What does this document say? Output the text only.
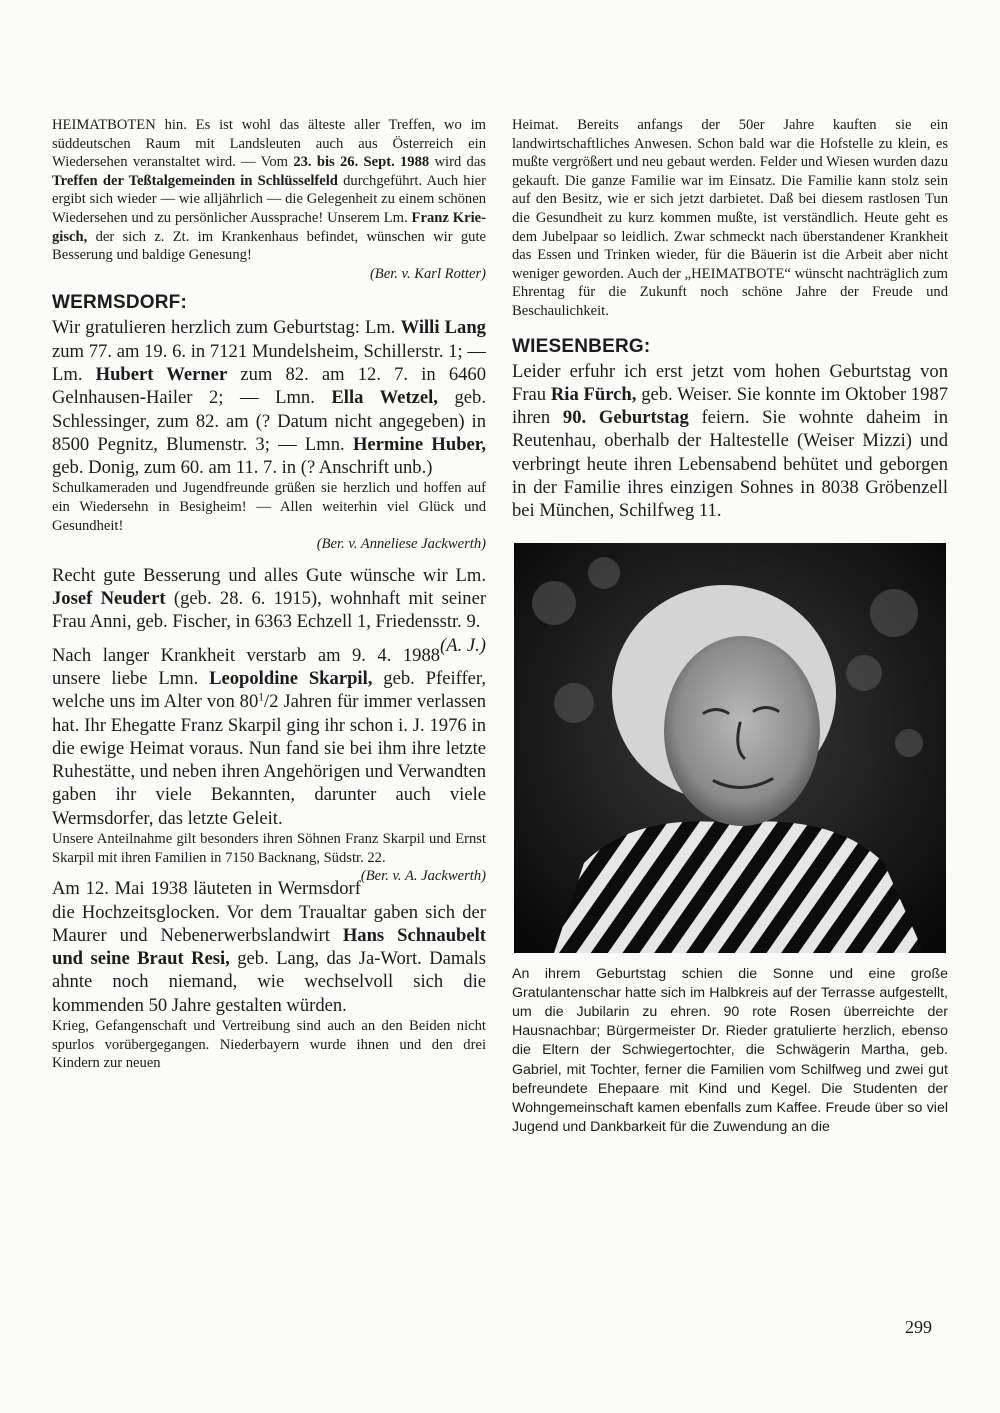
HEIMATBOTEN hin. Es ist wohl das älteste aller Treffen, wo im süddeutschen Raum mit Landsleuten auch aus Österreich ein Wiedersehen veranstaltet wird. — Vom 23. bis 26. Sept. 1988 wird das Treffen der Teßtalgemeinden in Schlüsselfeld durchgeführt. Auch hier ergibt sich wieder — wie alljährlich — die Gelegenheit zu einem schönen Wiedersehen und zu persönlicher Aussprache! Unserem Lm. Franz Kriegisch, der sich z. Zt. im Krankenhaus befindet, wünschen wir gute Besserung und baldige Genesung!

(Ber. v. Karl Rotter)
WERMSDORF:

Wir gratulieren herzlich zum Geburtstag: Lm. Willi Lang zum 77. am 19. 6. in 7121 Mundelsheim, Schillerstr. 1; — Lm. Hubert Werner zum 82. am 12. 7. in 6460 Gelnhausen-Hailer 2; — Lmn. Ella Wetzel, geb. Schlessinger, zum 82. am (? Datum nicht angegeben) in 8500 Pegnitz, Blumenstr. 3; — Lmn. Hermine Huber, geb. Donig, zum 60. am 11. 7. in (? Anschrift unb.)

Schulkameraden und Jugendfreunde grüßen sie herzlich und hoffen auf ein Wiedersehn in Besigheim! — Allen weiterhin viel Glück und Gesundheit!

(Ber. v. Anneliese Jackwerth)

Recht gute Besserung und alles Gute wünsche wir Lm. Josef Neudert (geb. 28. 6. 1915), wohnhaft mit seiner Frau Anni, geb. Fischer, in 6363 Echzell 1, Friedensstr. 9.
(A. J.)

Nach langer Krankheit verstarb am 9. 4. 1988 unsere liebe Lmn. Leopoldine Skarpil, geb. Pfeiffer, welche uns im Alter von $80^1/2$ Jahren für immer verlassen hat. Ihr Ehegatte Franz Skarpil ging ihr schon i. J. 1976 in die ewige Heimat voraus. Nun fand sie bei ihm ihre letzte Ruhestätte, und neben ihren Angehörigen und Verwandten gaben ihr viele Bekannten, darunter auch viele Wermsdorfer, das letzte Geleit.

Unsere Anteilnahme gilt besonders ihren Söhnen Franz Skarpil und Ernst Skarpil mit ihren Familien in 7150 Backnang, Südstr. 22.
(Ber. v. A. Jackwerth)

Am 12. Mai 1938 läuteten in Wermsdorf die Hochzeitsglocken. Vor dem Traualtar gaben sich der Maurer und Nebenerwerbslandwirt Hans Schnaubelt und seine Braut Resi, geb. Lang, das Ja-Wort. Damals ahnte noch niemand, wie wechselvoll sich die kommenden 50 Jahre gestalten würden.

Krieg, Gefangenschaft und Vertreibung sind auch an den Beiden nicht spurlos vorübergegangen. Niederbayern wurde ihnen und den drei Kindern zur neuen

Heimat. Bereits anfangs der 50er Jahre kauften sie ein landwirtschaftliches Anwesen. Schon bald war die Hofstelle zu klein, es mußte vergrößert und neu gebaut werden. Felder und Wiesen wurden dazu gekauft. Die ganze Familie war im Einsatz. Die Familie kann stolz sein auf den Besitz, wie er sich jetzt darbietet. Daß bei diesem rastlosen Tun die Gesundheit zu kurz kommen mußte, ist verständlich. Heute geht es dem Jubelpaar so leidlich. Zwar schmeckt nach überstandener Krankheit das Essen und Trinken wieder, für die Bäuerin ist die Arbeit aber nicht weniger geworden. Auch der „HEIMATBOTE“ wünscht nachträglich zum Ehrentag für die Zukunft noch schöne Jahre der Freude und Beschaulichkeit.

WIESENBERG:

Leider erfuhr ich erst jetzt vom hohen Geburtstag von Frau Ria Fürch, geb. Weiser. Sie konnte im Oktober 1987 ihren 90. Geburtstag feiern. Sie wohnte daheim in Reutenhau, oberhalb der Haltestelle (Weiser Mizzi) und verbringt heute ihren Lebensabend behütet und geborgen in der Familie ihres einzigen Sohnes in 8038 Gröbenzell bei München, Schilfweg 11.

An ihrem Geburtstag schien die Sonne und eine große Gratulantenschar hatte sich im Halbkreis auf der Terrasse aufgestellt, um die Jubilarin zu ehren. 90 rote Rosen überreichte der Hausnachbar; Bürgermeister Dr. Rieder gratulierte herzlich, ebenso die Eltern der Schwiegertochter, die Schwägerin Martha, geb. Gabriel, mit Tochter, ferner die Familien vom Schilfweg und zwei gut befreundete Ehepaare mit Kind und Kegel. Die Studenten der Wohngemeinschaft kamen ebenfalls zum Kaffee. Freude über so viel Jugend und Dankbarkeit für die Zuwendung an die

299
